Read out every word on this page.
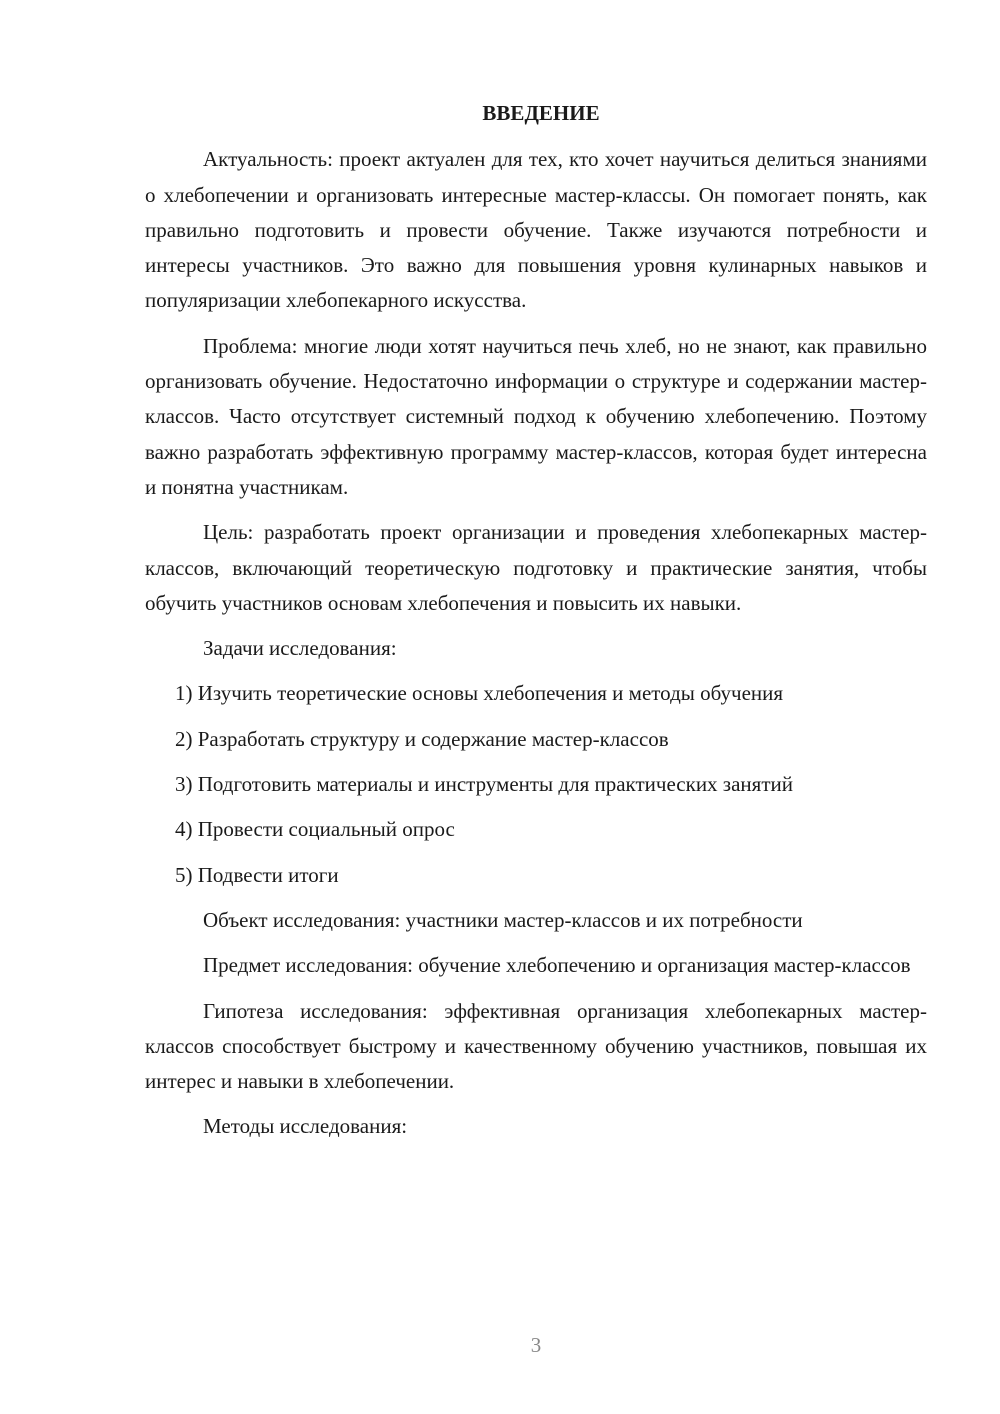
ВВЕДЕНИЕ

Актуальность: проект актуален для тех, кто хочет научиться делиться знаниями о хлебопечении и организовать интересные мастер-классы. Он помогает понять, как правильно подготовить и провести обучение. Также изучаются потребности и интересы участников. Это важно для повышения уровня кулинарных навыков и популяризации хлебопекарного искусства.

Проблема: многие люди хотят научиться печь хлеб, но не знают, как правильно организовать обучение. Недостаточно информации о структуре и содержании мастер-классов. Часто отсутствует системный подход к обучению хлебопечению. Поэтому важно разработать эффективную программу мастер-классов, которая будет интересна и понятна участникам.

Цель: разработать проект организации и проведения хлебопекарных мастер-классов, включающий теоретическую подготовку и практические занятия, чтобы обучить участников основам хлебопечения и повысить их навыки.

Задачи исследования:

1) Изучить теоретические основы хлебопечения и методы обучения
2) Разработать структуру и содержание мастер-классов
3) Подготовить материалы и инструменты для практических занятий
4) Провести социальный опрос
5) Подвести итоги

Объект исследования: участники мастер-классов и их потребности

Предмет исследования: обучение хлебопечению и организация мастер-классов

Гипотеза исследования: эффективная организация хлебопекарных мастер-классов способствует быстрому и качественному обучению участников, повышая их интерес и навыки в хлебопечении.

Методы исследования:

3
